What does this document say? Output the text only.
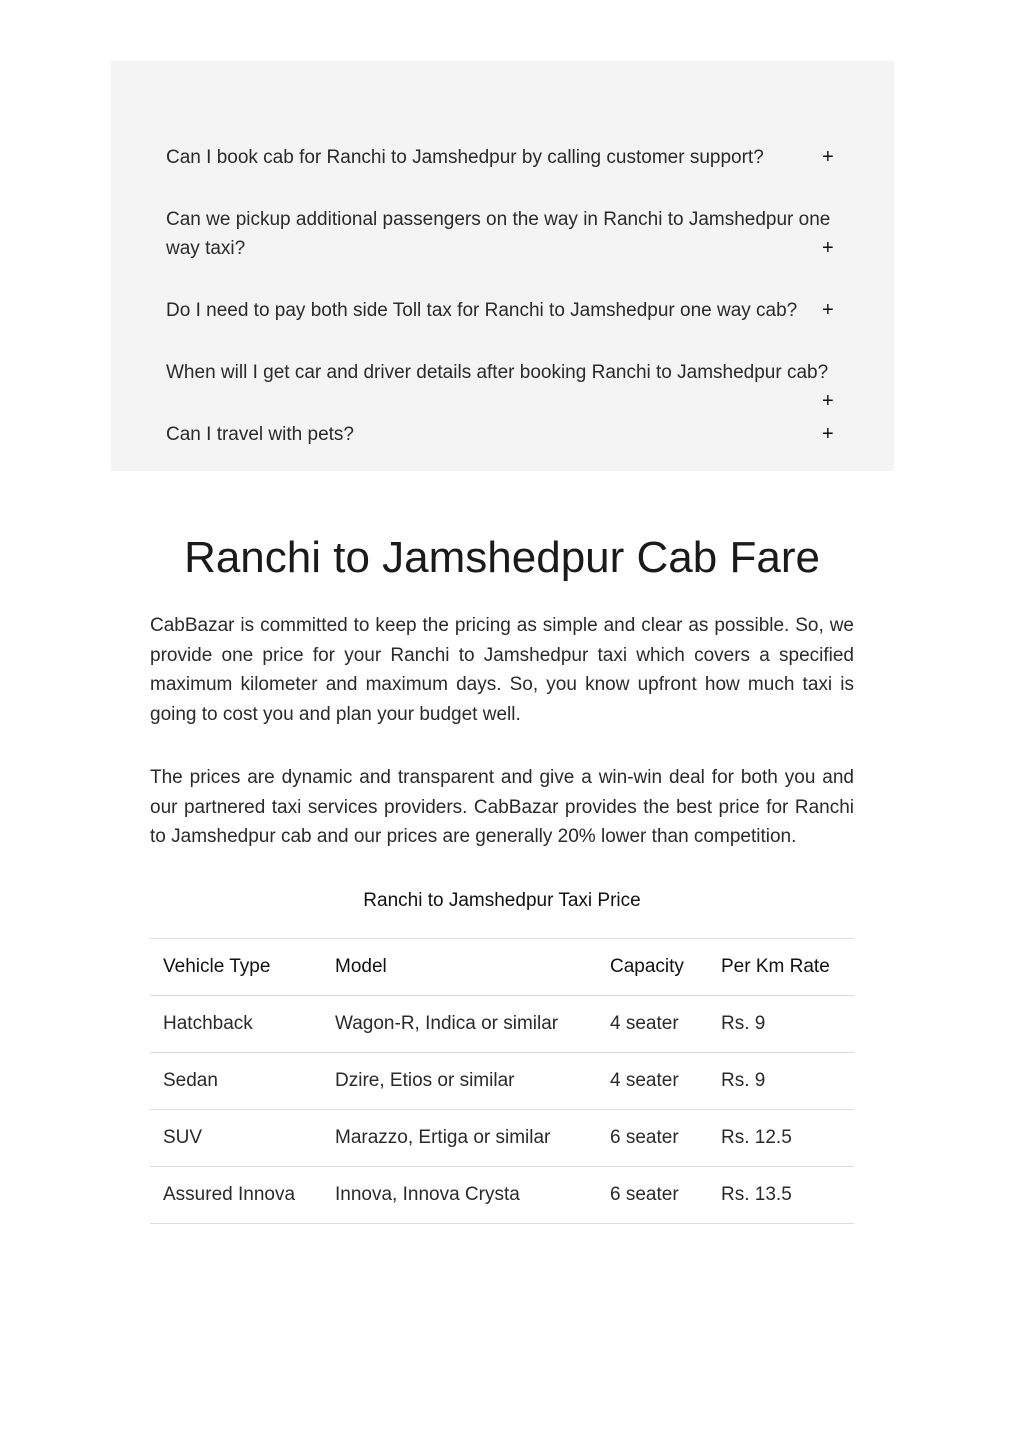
Can I book cab for Ranchi to Jamshedpur by calling customer support?	+
Can we pickup additional passengers on the way in Ranchi to Jamshedpur one way taxi?	+
Do I need to pay both side Toll tax for Ranchi to Jamshedpur one way cab?	+
When will I get car and driver details after booking Ranchi to Jamshedpur cab?
+
Can I travel with pets?	+
Ranchi to Jamshedpur Cab Fare

CabBazar is committed to keep the pricing as simple and clear as possible. So, we provide one price for your Ranchi to Jamshedpur taxi which covers a specified maximum kilometer and maximum days. So, you know upfront how much taxi is going to cost you and plan your budget well.

The prices are dynamic and transparent and give a win-win deal for both you and our partnered taxi services providers. CabBazar provides the best price for Ranchi to Jamshedpur cab and our prices are generally 20% lower than competition.

Ranchi to Jamshedpur Taxi Price
Vehicle Type	Model	Capacity	Per Km Rate
Hatchback	Wagon-R, Indica or similar	4 seater	Rs. 9
Sedan	Dzire, Etios or similar	4 seater	Rs. 9
SUV	Marazzo, Ertiga or similar	6 seater	Rs. 12.5
Assured Innova	Innova, Innova Crysta	6 seater	Rs. 13.5
